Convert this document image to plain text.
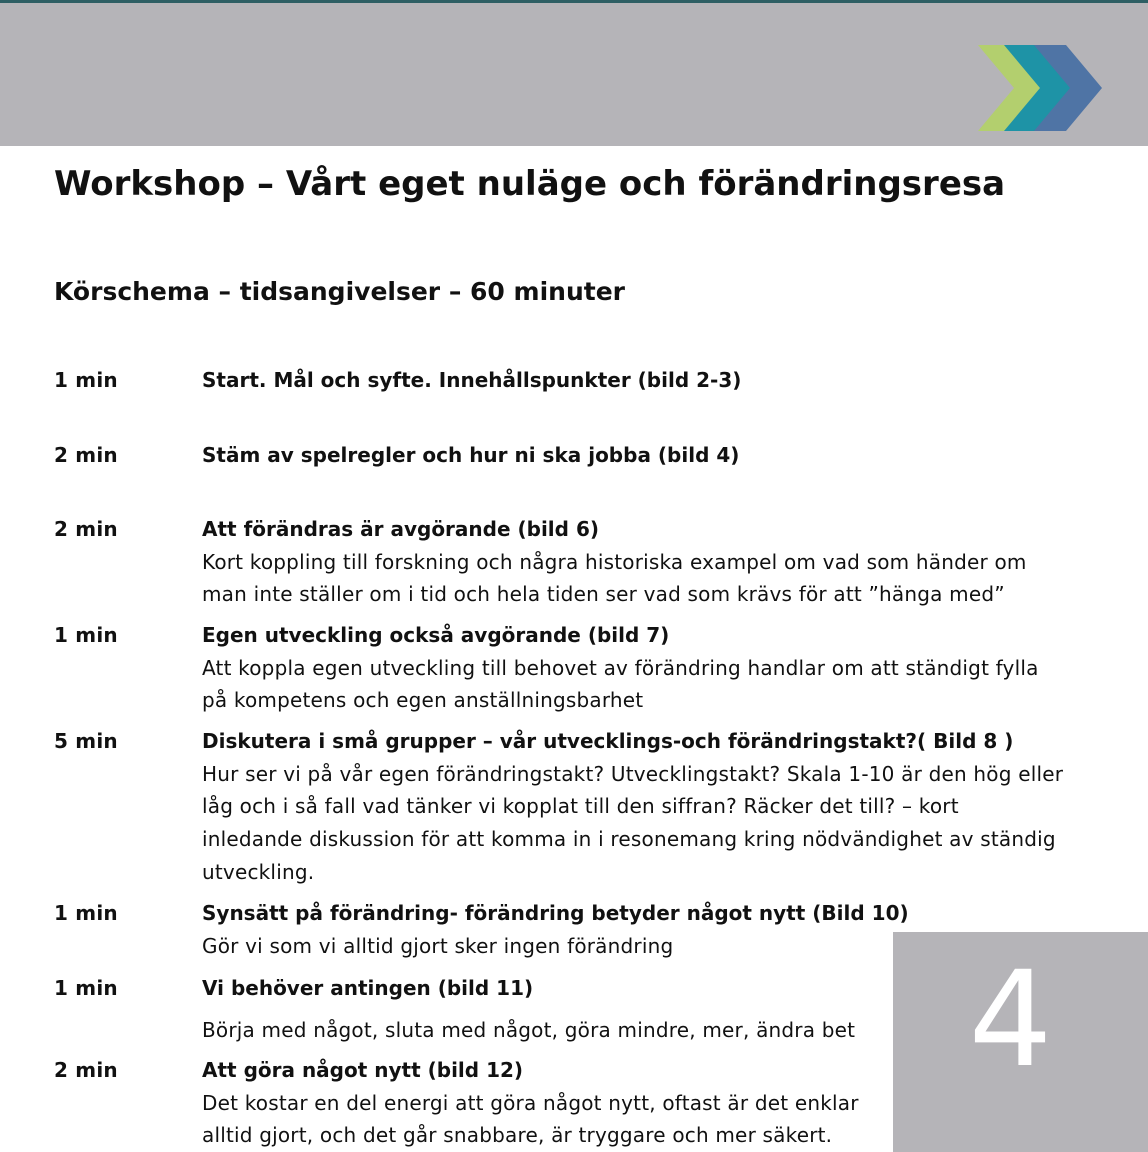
Workshop – Vårt eget nuläge och förändringsresa
Körschema – tidsangivelser – 60 minuter
1 min	Start. Mål och syfte. Innehållspunkter (bild 2-3)
2 min	Stäm av spelregler och hur ni ska jobba (bild 4)
2 min	Att förändras är avgörande (bild 6)
Kort koppling till forskning och några historiska exampel om vad som händer om
man inte ställer om i tid och hela tiden ser vad som krävs för att ”hänga med”
1 min	Egen utveckling också avgörande (bild 7)
Att koppla egen utveckling till behovet av förändring handlar om att ständigt fylla
på kompetens och egen anställningsbarhet
5 min	Diskutera i små grupper – vår utvecklings-och förändringstakt?( Bild 8 )
Hur ser vi på vår egen förändringstakt? Utvecklingstakt? Skala 1-10 är den hög eller
låg och i så fall vad tänker vi kopplat till den siffran? Räcker det till? – kort
inledande diskussion för att komma in i resonemang kring nödvändighet av ständig
utveckling.
1 min	Synsätt på förändring- förändring betyder något nytt (Bild 10)
Gör vi som vi alltid gjort sker ingen förändring
1 min	Vi behöver antingen (bild 11)
Börja med något, sluta med något, göra mindre, mer, ändra bet
2 min	Att göra något nytt (bild 12)
Det kostar en del energi att göra något nytt, oftast är det enklar
alltid gjort, och det går snabbare, är tryggare och mer säkert.
4
